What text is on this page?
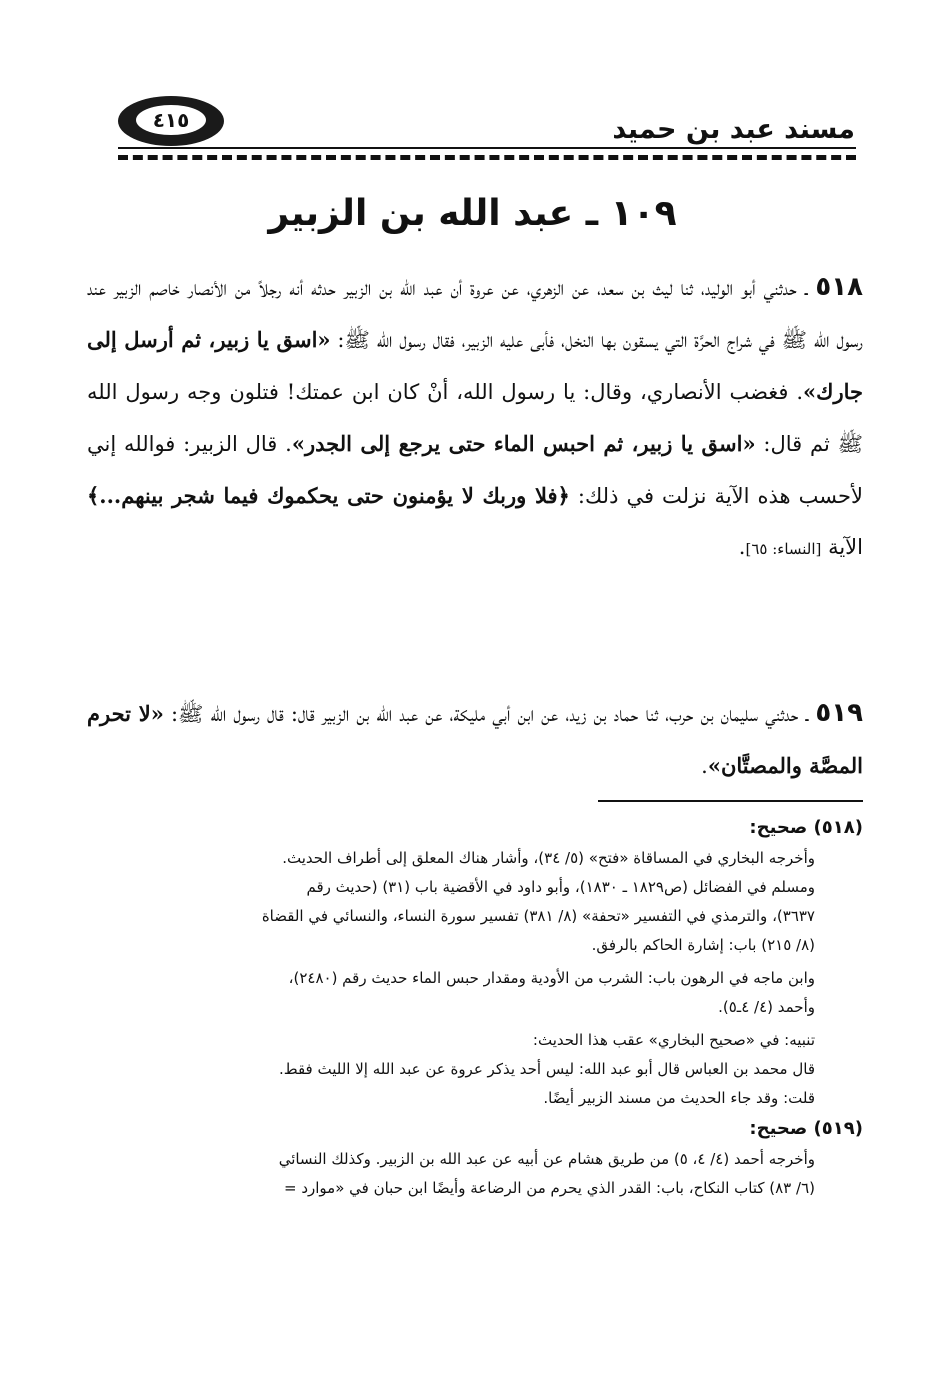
مسند عبد بن حميد
٤١٥
١٠٩ ـ عبد الله بن الزبير
٥١٨ ـ حدثني أبو الوليد، ثنا ليث بن سعد، عن الزهري، عن عروة أن عبد الله بن الزبير حدثه أنه رجلاً من الأنصار خاصم الزبير عند رسول الله ﷺ في شراج الحرَّة التي يسقون بها النخل، فأبى عليه الزبير، فقال رسول الله ﷺ: «اسق يا زبير، ثم أرسل إلى جارك». فغضب الأنصاري، وقال: يا رسول الله، أنْ كان ابن عمتك! فتلون وجه رسول الله ﷺ ثم قال: «اسق يا زبير، ثم احبس الماء حتى يرجع إلى الجدر». قال الزبير: فوالله إني لأحسب هذه الآية نزلت في ذلك: ﴿فلا وربك لا يؤمنون حتى يحكموك فيما شجر بينهم...﴾ الآية [النساء: ٦٥].
٥١٩ ـ حدثني سليمان بن حرب، ثنا حماد بن زيد، عن ابن أبي مليكة، عن عبد الله بن الزبير قال: قال رسول الله ﷺ: «لا تحرم المصَّة والمصتَّان».

(٥١٨) صحيح:

وأخرجه البخاري في المساقاة «فتح» (٥/ ٣٤)، وأشار هناك المعلق إلى أطراف الحديث.

ومسلم في الفضائل (ص١٨٢٩ ـ ١٨٣٠)، وأبو داود في الأقضية باب (٣١) (حديث رقم

٣٦٣٧)، والترمذي في التفسير «تحفة» (٨/ ٣٨١) تفسير سورة النساء، والنسائي في القضاة

(٨/ ٢١٥) باب: إشارة الحاكم بالرفق.

وابن ماجه في الرهون باب: الشرب من الأودية ومقدار حبس الماء حديث رقم (٢٤٨٠)،

وأحمد (٤/ ٤ـ٥).

تنبيه: في «صحيح البخاري» عقب هذا الحديث:

قال محمد بن العباس قال أبو عبد الله: ليس أحد يذكر عروة عن عبد الله إلا الليث فقط.

قلت: وقد جاء الحديث من مسند الزبير أيضًا.

(٥١٩) صحيح:

وأخرجه أحمد (٤/ ٤، ٥) من طريق هشام عن أبيه عن عبد الله بن الزبير. وكذلك النسائي

(٦/ ٨٣) كتاب النكاح، باب: القدر الذي يحرم من الرضاعة وأيضًا ابن حبان في «موارد =
